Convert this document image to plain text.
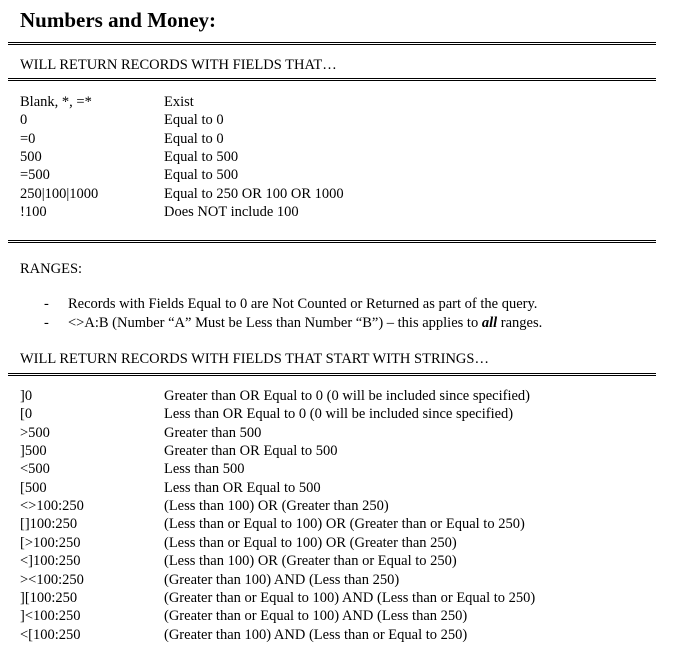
Numbers and Money:
WILL RETURN RECORDS WITH FIELDS THAT…
Blank, *, =*	Exist
0	Equal to 0
=0	Equal to 0
500	Equal to 500
=500	Equal to 500
250|100|1000	Equal to 250 OR 100 OR 1000
!100	Does NOT include 100
RANGES:
- Records with Fields Equal to 0 are Not Counted or Returned as part of the query.
- <>A:B (Number “A” Must be Less than Number “B”) – this applies to all ranges.
WILL RETURN RECORDS WITH FIELDS THAT START WITH STRINGS…
]0	Greater than OR Equal to 0 (0 will be included since specified)
[0	Less than OR Equal to 0 (0 will be included since specified)
>500	Greater than 500
]500	Greater than OR Equal to 500
<500	Less than 500
[500	Less than OR Equal to 500
<>100:250	(Less than 100) OR (Greater than 250)
[]100:250	(Less than or Equal to 100) OR (Greater than or Equal to 250)
[>100:250	(Less than or Equal to 100) OR (Greater than 250)
<]100:250	(Less than 100) OR (Greater than or Equal to 250)
><100:250	(Greater than 100) AND (Less than 250)
][100:250	(Greater than or Equal to 100) AND (Less than or Equal to 250)
]<100:250	(Greater than or Equal to 100) AND (Less than 250)
<[100:250	(Greater than 100) AND (Less than or Equal to 250)
